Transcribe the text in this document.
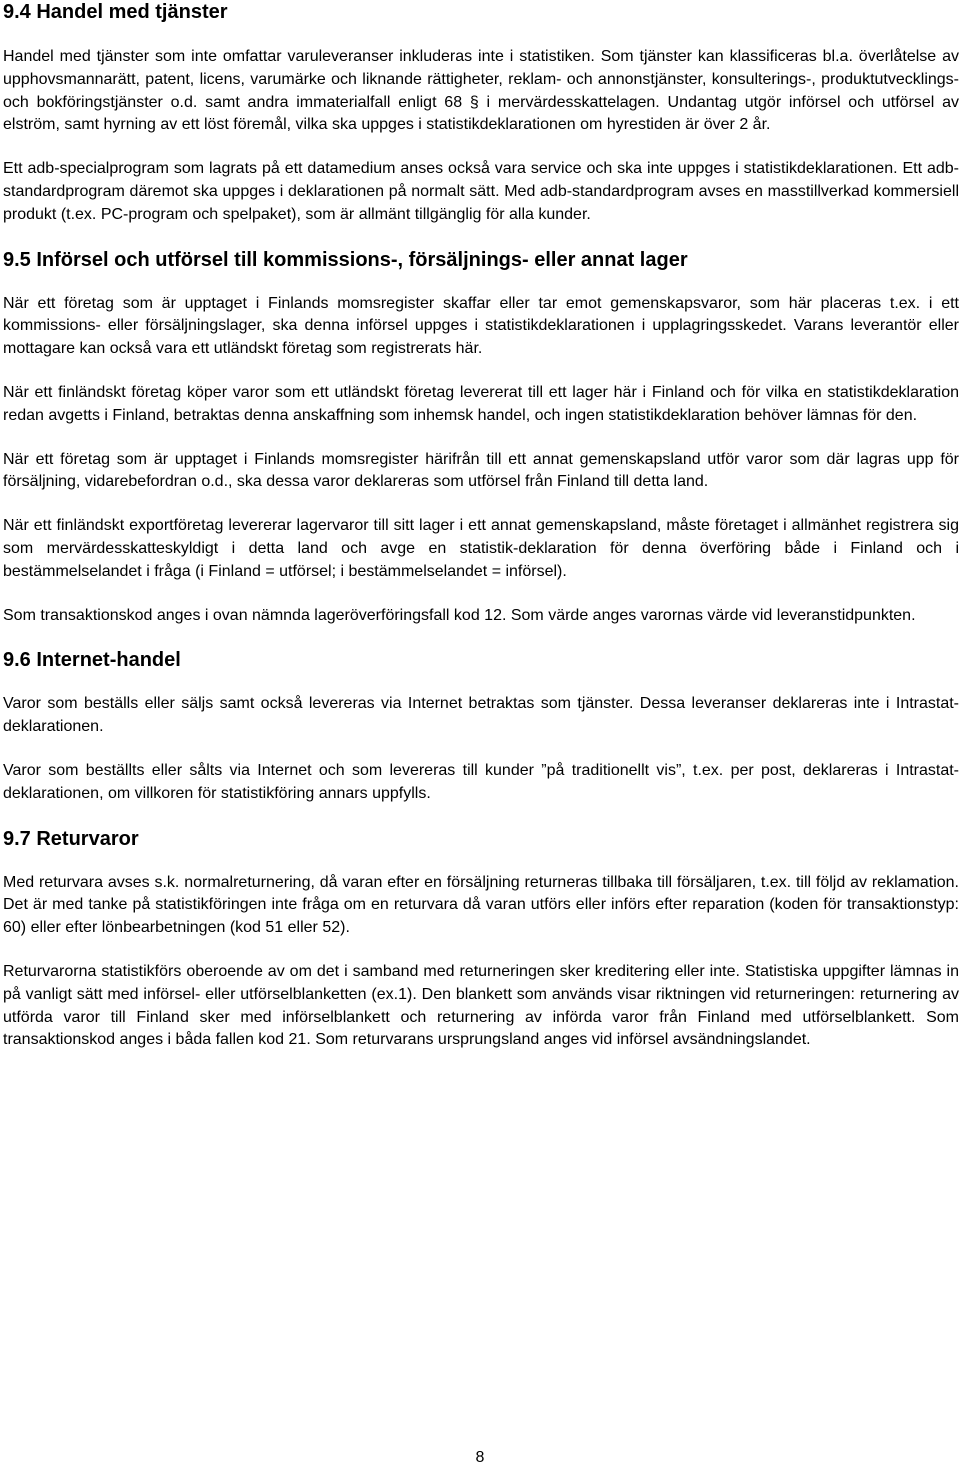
9.4 Handel med tjänster

Handel med tjänster som inte omfattar varuleveranser inkluderas inte i statistiken. Som tjänster kan klassificeras bl.a. överlåtelse av upphovsmannarätt, patent, licens, varumärke och liknande rättigheter, reklam- och annonstjänster, konsulterings-, produktutvecklings- och bokföringstjänster o.d. samt andra immaterialfall enligt 68 § i mervärdesskattelagen. Undantag utgör införsel och utförsel av elström, samt hyrning av ett löst föremål, vilka ska uppges i statistikdeklarationen om hyrestiden är över 2 år.

Ett adb-specialprogram som lagrats på ett datamedium anses också vara service och ska inte uppges i statistikdeklarationen. Ett adb-standardprogram däremot ska uppges i deklarationen på normalt sätt. Med adb-standardprogram avses en masstillverkad kommersiell produkt (t.ex. PC-program och spelpaket), som är allmänt tillgänglig för alla kunder.

9.5 Införsel och utförsel till kommissions-, försäljnings- eller annat lager

När ett företag som är upptaget i Finlands momsregister skaffar eller tar emot gemenskapsvaror, som här placeras t.ex. i ett kommissions- eller försäljningslager, ska denna införsel uppges i statistikdeklarationen i upplagringsskedet. Varans leverantör eller mottagare kan också vara ett utländskt företag som registrerats här.

När ett finländskt företag köper varor som ett utländskt företag levererat till ett lager här i Finland och för vilka en statistikdeklaration redan avgetts i Finland, betraktas denna anskaffning som inhemsk handel, och ingen statistikdeklaration behöver lämnas för den.

När ett företag som är upptaget i Finlands momsregister härifrån till ett annat gemenskapsland utför varor som där lagras upp för försäljning, vidarebefordran o.d., ska dessa varor deklareras som utförsel från Finland till detta land.

När ett finländskt exportföretag levererar lagervaror till sitt lager i ett annat gemenskapsland, måste företaget i allmänhet registrera sig som mervärdesskatteskyldigt i detta land och avge en statistik-deklaration för denna överföring både i Finland och i bestämmelselandet i fråga (i Finland = utförsel; i bestämmelselandet = införsel).

Som transaktionskod anges i ovan nämnda lageröverföringsfall kod 12. Som värde anges varornas värde vid leveranstidpunkten.

9.6 Internet-handel

Varor som beställs eller säljs samt också levereras via Internet betraktas som tjänster. Dessa leveranser deklareras inte i Intrastat-deklarationen.

Varor som beställts eller sålts via Internet och som levereras till kunder ”på traditionellt vis”, t.ex. per post, deklareras i Intrastat-deklarationen, om villkoren för statistikföring annars uppfylls.

9.7 Returvaror

Med returvara avses s.k. normalreturnering, då varan efter en försäljning returneras tillbaka till försäljaren, t.ex. till följd av reklamation. Det är med tanke på statistikföringen inte fråga om en returvara då varan utförs eller införs efter reparation (koden för transaktionstyp: 60) eller efter lönbearbetningen (kod 51 eller 52).

Returvarorna statistikförs oberoende av om det i samband med returneringen sker kreditering eller inte. Statistiska uppgifter lämnas in på vanligt sätt med införsel- eller utförselblanketten (ex.1). Den blankett som används visar riktningen vid returneringen: returnering av utförda varor till Finland sker med införselblankett och returnering av införda varor från Finland med utförselblankett. Som transaktionskod anges i båda fallen kod 21. Som returvarans ursprungsland anges vid införsel avsändningslandet.

8
